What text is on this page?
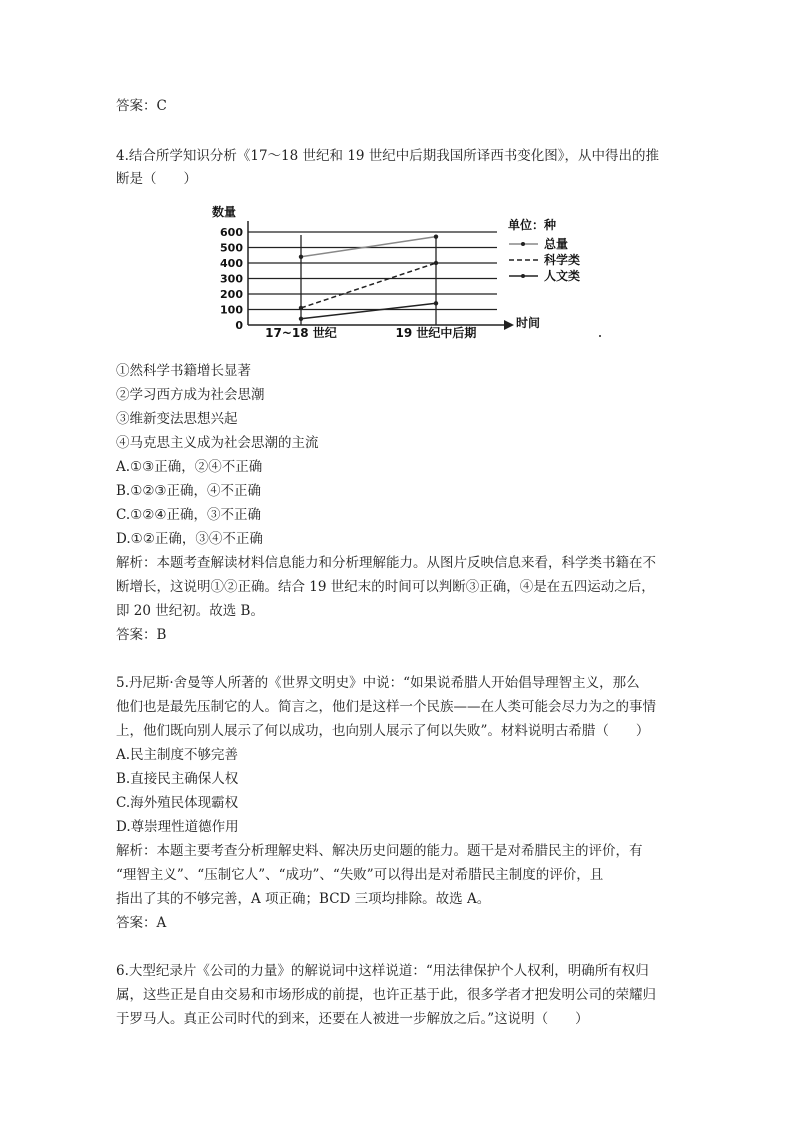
答案：C
4.结合所学知识分析《17～18 世纪和 19 世纪中后期我国所译西书变化图》，从中得出的推
断是（　　）
数量
0
100
200
300
400
500
600
17~18 世纪	19 世纪中后期
时间
单位：种
总量
科学类
人文类
①然科学书籍增长显著
②学习西方成为社会思潮
③维新变法思想兴起
④马克思主义成为社会思潮的主流
A.①③正确，②④不正确
B.①②③正确，④不正确
C.①②④正确，③不正确
D.①②正确，③④不正确
解析：本题考查解读材料信息能力和分析理解能力。从图片反映信息来看，科学类书籍在不
断增长，这说明①②正确。结合 19 世纪末的时间可以判断③正确，④是在五四运动之后，
即 20 世纪初。故选 B。
答案：B
5.丹尼斯·舍曼等人所著的《世界文明史》中说：“如果说希腊人开始倡导理智主义，那么
他们也是最先压制它的人。简言之，他们是这样一个民族——在人类可能会尽力为之的事情
上，他们既向别人展示了何以成功，也向别人展示了何以失败”。材料说明古希腊（　　）
A.民主制度不够完善
B.直接民主确保人权
C.海外殖民体现霸权
D.尊崇理性道德作用
解析：本题主要考查分析理解史料、解决历史问题的能力。题干是对希腊民主的评价，有
“理智主义”、“压制它人”、“成功”、“失败”可以得出是对希腊民主制度的评价，且
指出了其的不够完善，A 项正确；BCD 三项均排除。故选 A。
答案：A
6.大型纪录片《公司的力量》的解说词中这样说道：“用法律保护个人权利，明确所有权归
属，这些正是自由交易和市场形成的前提，也许正基于此，很多学者才把发明公司的荣耀归
于罗马人。真正公司时代的到来，还要在人被进一步解放之后。”这说明（　　）
